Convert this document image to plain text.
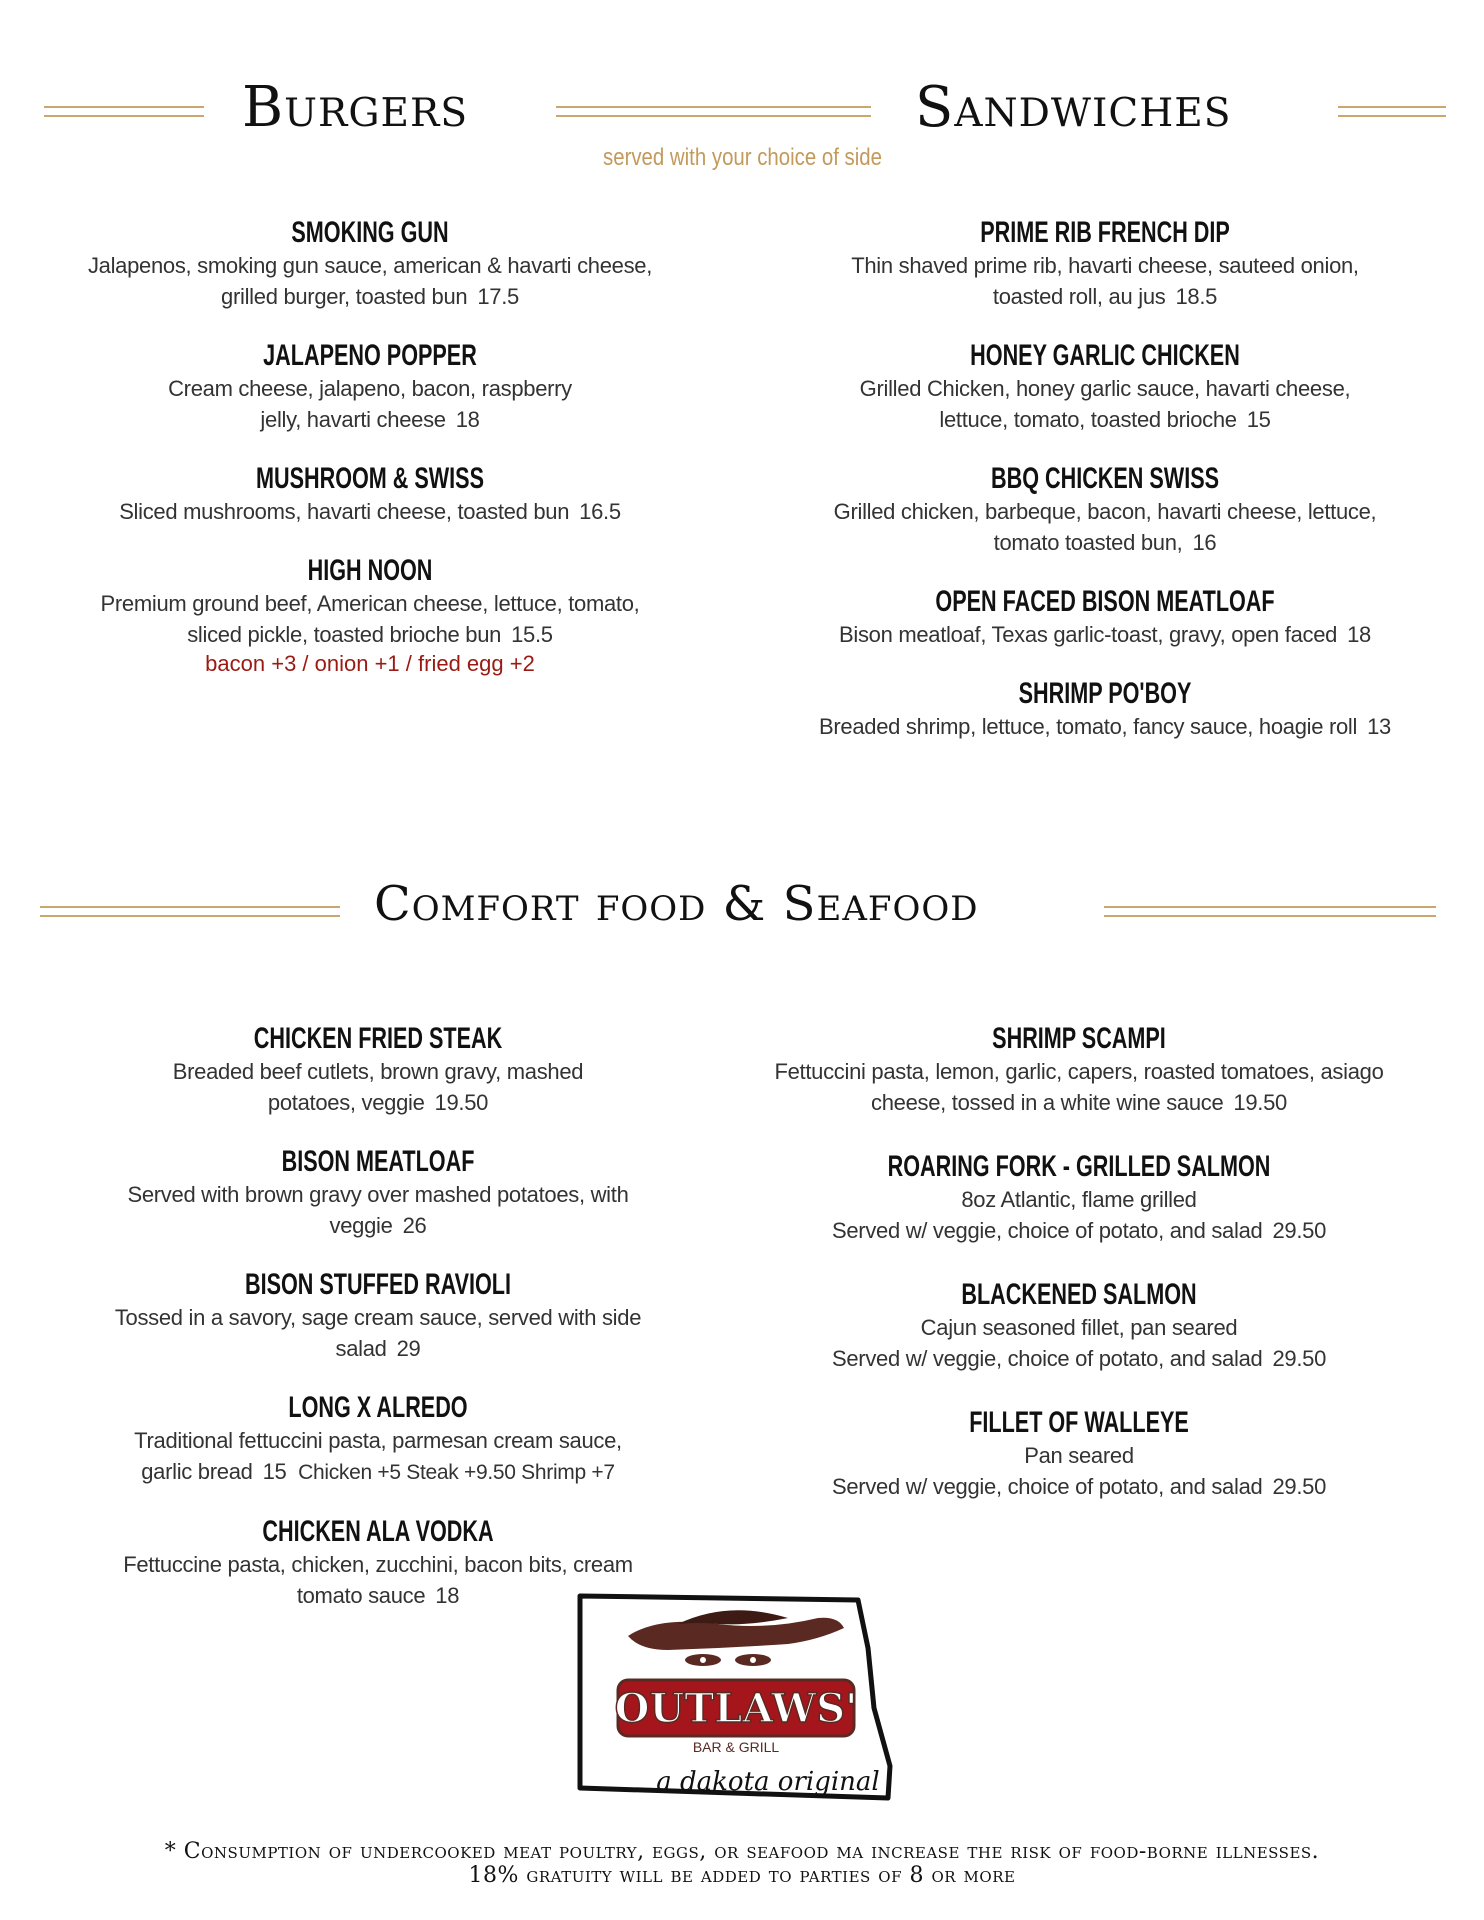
Burgers	Sandwiches
served with your choice of side
SMOKING GUN
Jalapenos, smoking gun sauce, american & havarti cheese, grilled burger, toasted bun 17.5
JALAPENO POPPER
Cream cheese, jalapeno, bacon, raspberry jelly, havarti cheese 18
MUSHROOM & SWISS
Sliced mushrooms, havarti cheese, toasted bun 16.5
HIGH NOON
Premium ground beef, American cheese, lettuce, tomato, sliced pickle, toasted brioche bun 15.5
bacon +3 / onion +1 / fried egg +2
PRIME RIB FRENCH DIP
Thin shaved prime rib, havarti cheese, sauteed onion, toasted roll, au jus 18.5
HONEY GARLIC CHICKEN
Grilled Chicken, honey garlic sauce, havarti cheese, lettuce, tomato, toasted brioche 15
BBQ CHICKEN SWISS
Grilled chicken, barbeque, bacon, havarti cheese, lettuce, tomato toasted bun, 16
OPEN FACED BISON MEATLOAF
Bison meatloaf, Texas garlic-toast, gravy, open faced 18
SHRIMP PO'BOY
Breaded shrimp, lettuce, tomato, fancy sauce, hoagie roll 13
Comfort food & Seafood
CHICKEN FRIED STEAK
Breaded beef cutlets, brown gravy, mashed potatoes, veggie 19.50
BISON MEATLOAF
Served with brown gravy over mashed potatoes, with veggie 26
BISON STUFFED RAVIOLI
Tossed in a savory, sage cream sauce, served with side salad 29
LONG X ALREDO
Traditional fettuccini pasta, parmesan cream sauce, garlic bread 15 Chicken +5 Steak +9.50 Shrimp +7
CHICKEN ALA VODKA
Fettuccine pasta, chicken, zucchini, bacon bits, cream tomato sauce 18
SHRIMP SCAMPI
Fettuccini pasta, lemon, garlic, capers, roasted tomatoes, asiago cheese, tossed in a white wine sauce 19.50
ROARING FORK - GRILLED SALMON
8oz Atlantic, flame grilled
Served w/ veggie, choice of potato, and salad 29.50
BLACKENED SALMON
Cajun seasoned fillet, pan seared
Served w/ veggie, choice of potato, and salad 29.50
FILLET OF WALLEYE
Pan seared
Served w/ veggie, choice of potato, and salad 29.50
OUTLAWS'
BAR & GRILL
a dakota original
* Consumption of undercooked meat poultry, eggs, or seafood ma increase the risk of food-borne illnesses.
18% gratuity will be added to parties of 8 or more
